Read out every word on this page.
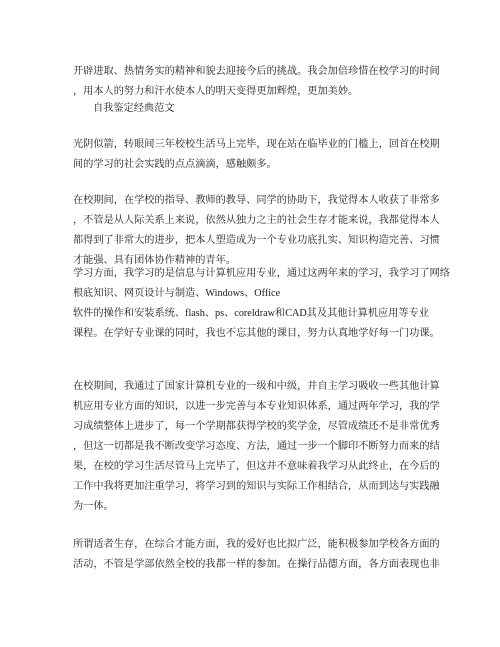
开辟进取、热情务实的精神和貌去迎接今后的挑战。我会加倍珍惜在校学习的时间
，用本人的努力和汗水使本人的明天变得更加辉煌，更加美妙。
自我鉴定经典范文
光阴似箭，转眼间三年校校生活马上完毕，现在站在临毕业的门槛上，回首在校期
间的学习的社会实践的点点滴滴，感触颇多。
在校期间，在学校的指导、教师的教导、同学的协助下，我觉得本人收获了非常多
，不管是从人际关系上来说，依然从独力之主的社会生存才能来说，我都觉得本人
都得到了非常大的进步，把本人塑造成为一个专业功底扎实、知识构造完善、习惯
才能强、具有团体协作精神的青年。
学习方面，我学习的是信息与计算机应用专业，通过这两年来的学习，我学习了网络
根底知识、网页设计与制造、Windows、Office
软件的操作和安装系统、flash、ps、coreldraw和CAD其及其他计算机应用等专业
课程。在学好专业课的同时，我也不忘其他的课目，努力认真地学好每一门功课。
在校期间，我通过了国家计算机专业的一级和中级，并自主学习吸收一些其他计算
机应用专业方面的知识，以进一步完善与本专业知识体系，通过两年学习，我的学
习成绩整体上进步了，每一个学期都获得学校的奖学金，尽管成绩还不是非常优秀
，但这一切都是我不断改变学习态度、方法，通过一步一个脚印不断努力而来的结
果，在校的学习生活尽管马上完毕了，但这并不意味着我学习从此终止，在今后的
工作中我将更加注重学习，将学习到的知识与实际工作相结合，从而到达与实践融
为一体。
所谓适者生存，在综合才能方面，我的爱好也比拟广泛，能积极参加学校各方面的
活动，不管是学部依然全校的我都一样的参加。在操行品德方面，各方面表现也非
